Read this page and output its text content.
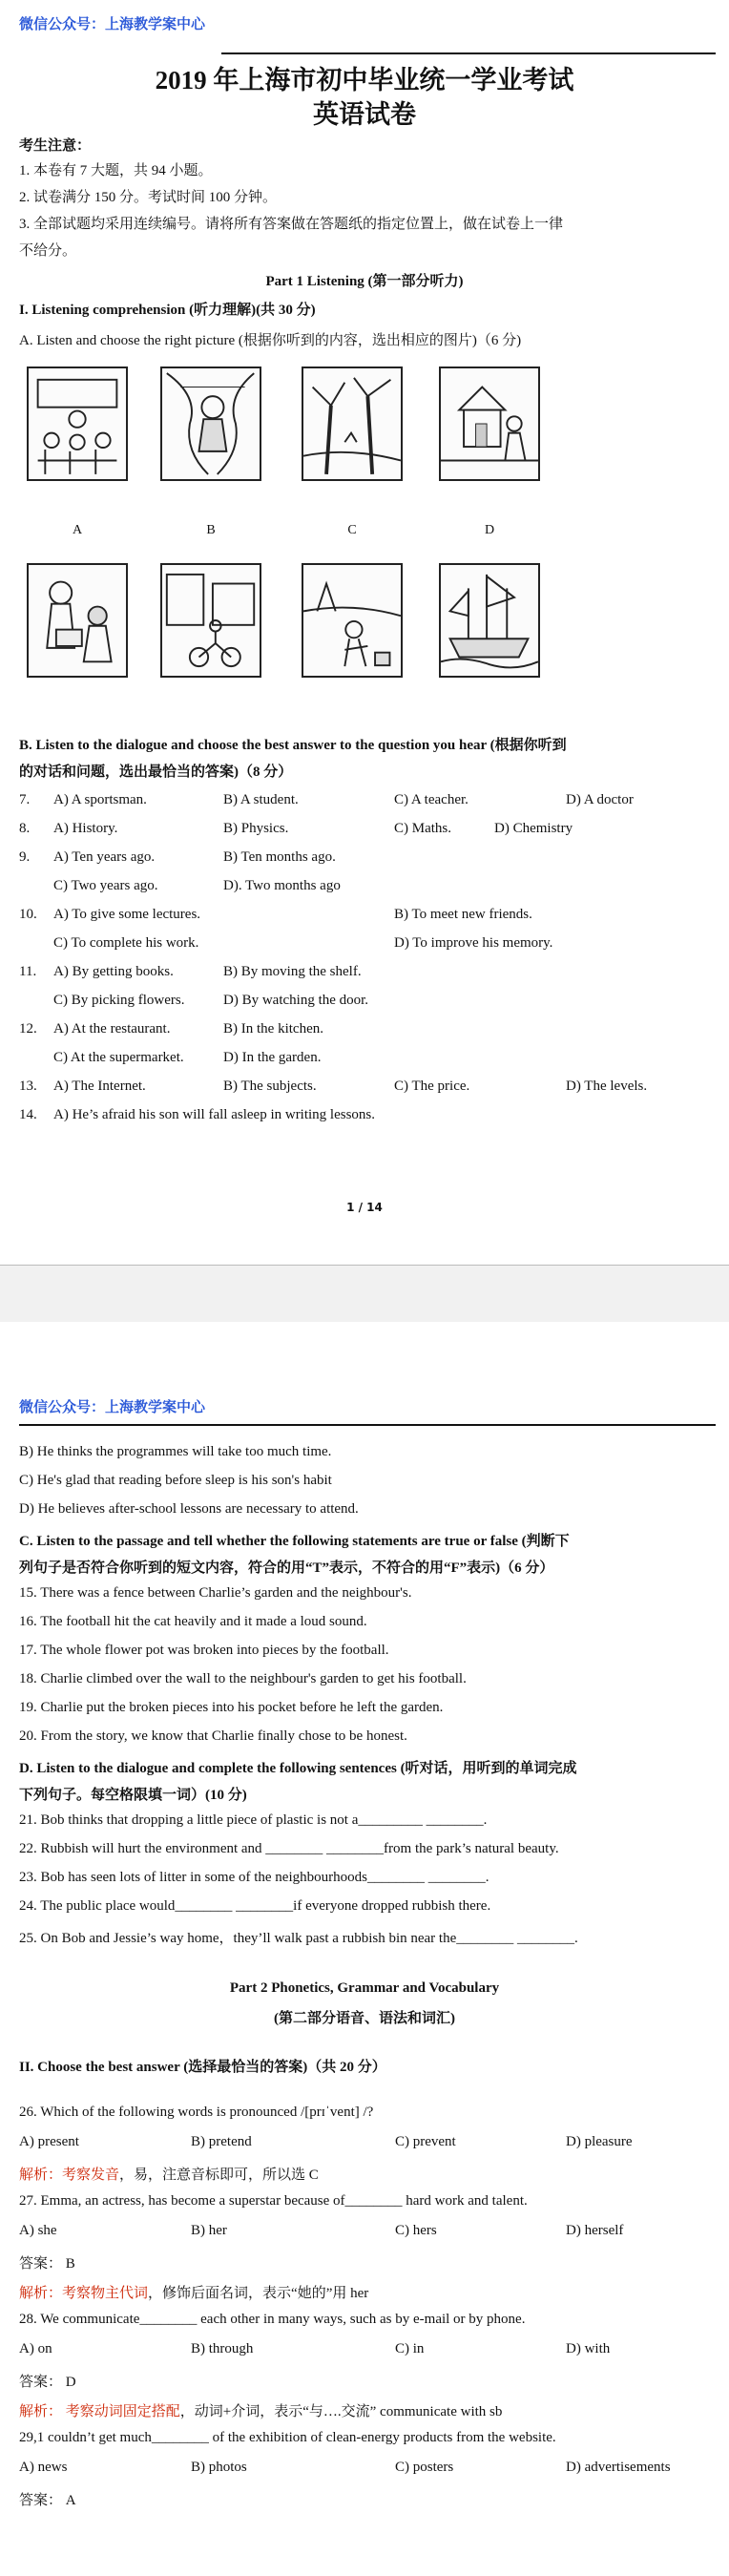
微信公众号：上海教学案中心
2019 年上海市初中毕业统一学业考试
英语试卷
考生注意：
1. 本卷有 7 大题，共 94 小题。
2. 试卷满分 150 分。考试时间 100 分钟。
3. 全部试题均采用连续编号。请将所有答案做在答题纸的指定位置上，做在试卷上一律
不给分。
Part 1 Listening (第一部分听力)
I. Listening comprehension (听力理解)(共 30 分)
A. Listen and choose the right picture (根据你听到的内容，选出相应的图片)（6 分)
A	B	C	D
B. Listen to the dialogue and choose the best answer to the question you hear (根据你听到
的对话和问题，选出最恰当的答案)（8 分）
7. A) A sportsman.	B) A student.	C) A teacher.	D) A doctor
8. A) History.	B) Physics.	C) Maths.	D) Chemistry
9. A) Ten years ago.	B) Ten months ago.
C) Two years ago.	D). Two months ago
10. A) To give some lectures.	B) To meet new friends.
C) To complete his work.	D) To improve his memory.
11. A) By getting books.	B) By moving the shelf.
C) By picking flowers.	D) By watching the door.
12. A) At the restaurant.	B) In the kitchen.
C) At the supermarket.	D) In the garden.
13. A) The Internet.	B) The subjects.	C) The price.	D) The levels.
14. A) He’s afraid his son will fall asleep in writing lessons.
1 / 14
微信公众号：上海教学案中心
B) He thinks the programmes will take too much time.
C) He's glad that reading before sleep is his son's habit
D) He believes after-school lessons are necessary to attend.
C. Listen to the passage and tell whether the following statements are true or false (判断下
列句子是否符合你听到的短文内容，符合的用“T”表示，不符合的用“F”表示)（6 分）
15. There was a fence between Charlie’s garden and the neighbour's.
16. The football hit the cat heavily and it made a loud sound.
17. The whole flower pot was broken into pieces by the football.
18. Charlie climbed over the wall to the neighbour's garden to get his football.
19. Charlie put the broken pieces into his pocket before he left the garden.
20. From the story, we know that Charlie finally chose to be honest.
D. Listen to the dialogue and complete the following sentences (听对话，用听到的单词完成
下列句子。每空格限填一词）(10 分)
21. Bob thinks that dropping a little piece of plastic is not a_________ ________.
22. Rubbish will hurt the environment and ________ ________from the park’s natural beauty.
23. Bob has seen lots of litter in some of the neighbourhoods________ ________.
24. The public place would________ ________if everyone dropped rubbish there.
25. On Bob and Jessie’s way home，they’ll walk past a rubbish bin near the________ ________.
Part 2 Phonetics, Grammar and Vocabulary
(第二部分语音、语法和词汇)
II. Choose the best answer (选择最恰当的答案)（共 20 分）
26. Which of the following words is pronounced /[prɪˈvent] /?
A) present	B) pretend	C) prevent	D) pleasure
解析：考察发音，易，注意音标即可，所以选 C
27. Emma, an actress, has become a superstar because of________ hard work and talent.
A) she	B) her	C) hers	D) herself
答案： B
解析：考察物主代词，修饰后面名词，表示“她的”用 her
28. We communicate________ each other in many ways, such as by e-mail or by phone.
A) on	B) through	C) in	D) with
答案： D
解析： 考察动词固定搭配，动词+介词，表示“与….交流” communicate with sb
29,1 couldn’t get much________ of the exhibition of clean-energy products from the website.
A) news	B) photos	C) posters	D) advertisements
答案： A
